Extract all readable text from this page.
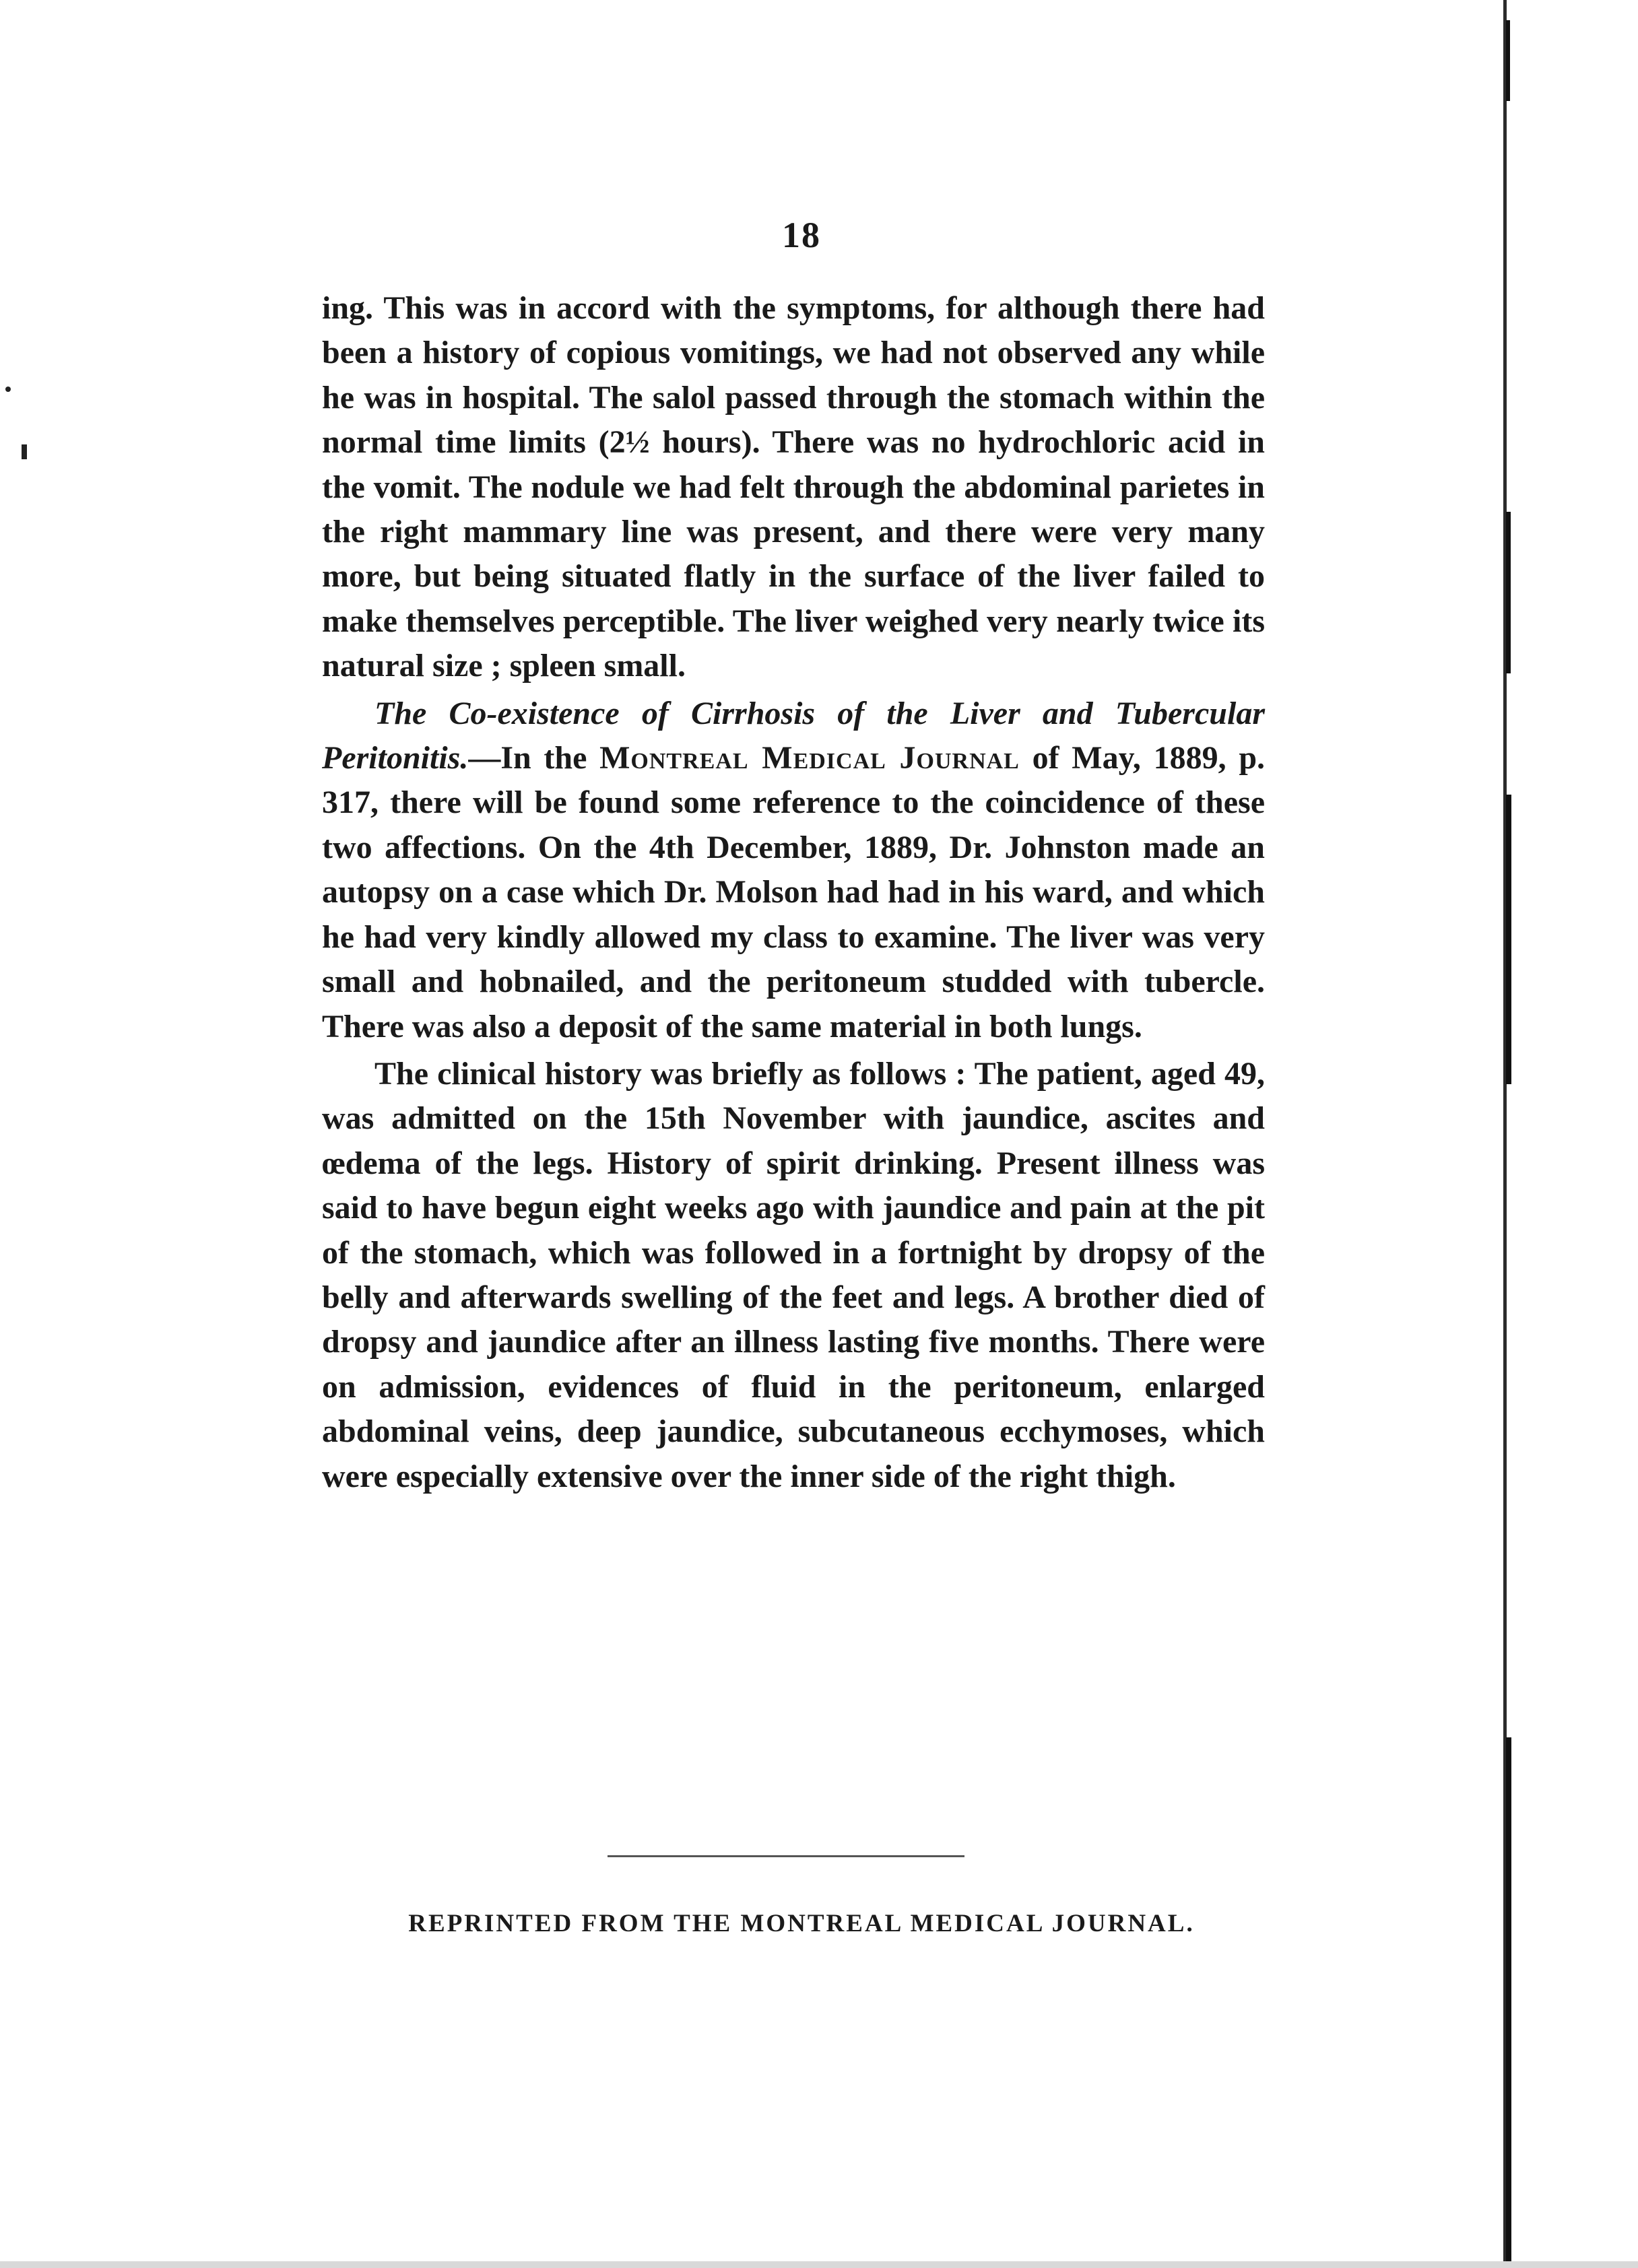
18

ing. This was in accord with the symptoms, for although there had been a history of copious vomitings, we had not observed any while he was in hospital. The salol passed through the stomach within the normal time limits (2½ hours). There was no hydrochloric acid in the vomit. The nodule we had felt through the abdominal parietes in the right mammary line was present, and there were very many more, but being situated flatly in the surface of the liver failed to make themselves perceptible. The liver weighed very nearly twice its natural size ; spleen small.

The Co-existence of Cirrhosis of the Liver and Tubercular Peritonitis.—In the Montreal Medical Journal of May, 1889, p. 317, there will be found some reference to the coincidence of these two affections. On the 4th December, 1889, Dr. Johnston made an autopsy on a case which Dr. Molson had had in his ward, and which he had very kindly allowed my class to examine. The liver was very small and hobnailed, and the peritoneum studded with tubercle. There was also a deposit of the same material in both lungs.

The clinical history was briefly as follows : The patient, aged 49, was admitted on the 15th November with jaundice, ascites and œdema of the legs. History of spirit drinking. Present illness was said to have begun eight weeks ago with jaundice and pain at the pit of the stomach, which was followed in a fortnight by dropsy of the belly and afterwards swelling of the feet and legs. A brother died of dropsy and jaundice after an illness lasting five months. There were on admission, evidences of fluid in the peritoneum, enlarged abdominal veins, deep jaundice, subcutaneous ecchymoses, which were especially extensive over the inner side of the right thigh.

REPRINTED FROM THE MONTREAL MEDICAL JOURNAL.
